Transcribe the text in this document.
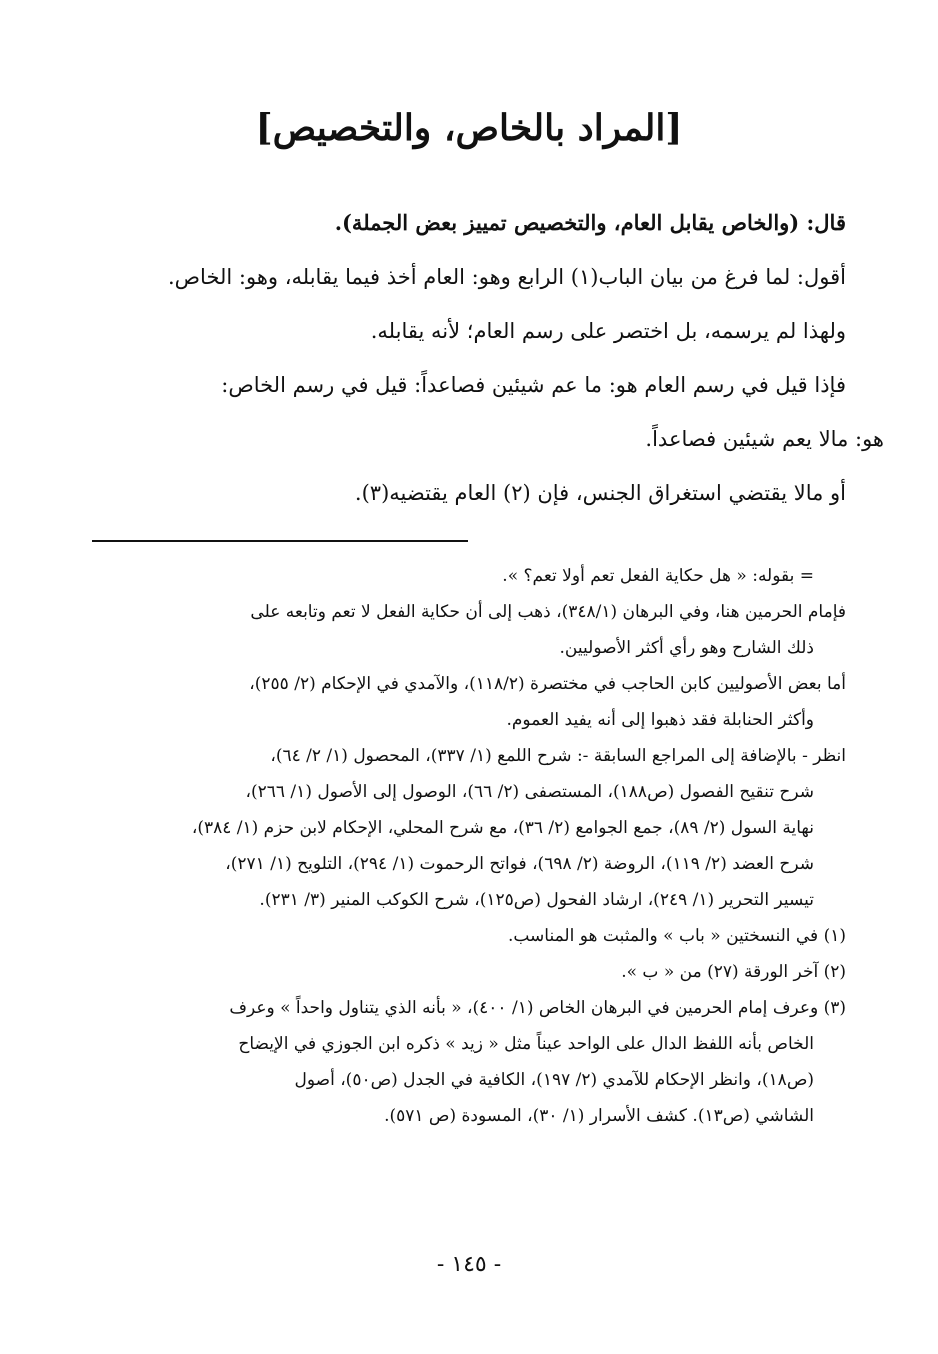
[المراد بالخاص، والتخصيص]
قال: (والخاص يقابل العام، والتخصيص تمييز بعض الجملة).
أقول: لما فرغ من بيان الباب(١) الرابع وهو: العام أخذ فيما يقابله، وهو: الخاص.
ولهذا لم يرسمه، بل اختصر على رسم العام؛ لأنه يقابله.
فإذا قيل في رسم العام هو: ما عم شيئين فصاعداً: قيل في رسم الخاص:
هو: مالا يعم شيئين فصاعداً.
أو مالا يقتضي استغراق الجنس، فإن (٢) العام يقتضيه(٣).
= بقوله: « هل حكاية الفعل تعم أولا تعم؟ ».
فإمام الحرمين هنا، وفي البرهان (٣٤٨/١)، ذهب إلى أن حكاية الفعل لا تعم وتابعه على
ذلك الشارح وهو رأي أكثر الأصوليين.
أما بعض الأصوليين كابن الحاجب في مختصرة (١١٨/٢)، والآمدي في الإحكام (٢/ ٢٥٥)،
وأكثر الحنابلة فقد ذهبوا إلى أنه يفيد العموم.
انظر - بالإضافة إلى المراجع السابقة -: شرح اللمع (١/ ٣٣٧)، المحصول (١/ ٢/ ٦٤)،
شرح تنقيح الفصول (ص١٨٨)، المستصفى (٢/ ٦٦)، الوصول إلى الأصول (١/ ٢٦٦)،
نهاية السول (٢/ ٨٩)، جمع الجوامع (٢/ ٣٦)، مع شرح المحلي، الإحكام لابن حزم (١/ ٣٨٤)،
شرح العضد (٢/ ١١٩)، الروضة (٢/ ٦٩٨)، فواتح الرحموت (١/ ٢٩٤)، التلويح (١/ ٢٧١)،
تيسير التحرير (١/ ٢٤٩)، ارشاد الفحول (ص١٢٥)، شرح الكوكب المنير (٣/ ٢٣١).
(١) في النسختين « باب » والمثبت هو المناسب.
(٢) آخر الورقة (٢٧) من « ب ».
(٣) وعرف إمام الحرمين في البرهان الخاص (١/ ٤٠٠)، « بأنه الذي يتناول واحداً » وعرف
الخاص بأنه اللفظ الدال على الواحد عيناً مثل « زيد » ذكره ابن الجوزي في الإيضاح
(ص١٨)، وانظر الإحكام للآمدي (٢/ ١٩٧)، الكافية في الجدل (ص٥٠)، أصول
الشاشي (ص١٣). كشف الأسرار (١/ ٣٠)، المسودة (ص ٥٧١).
- ١٤٥ -
